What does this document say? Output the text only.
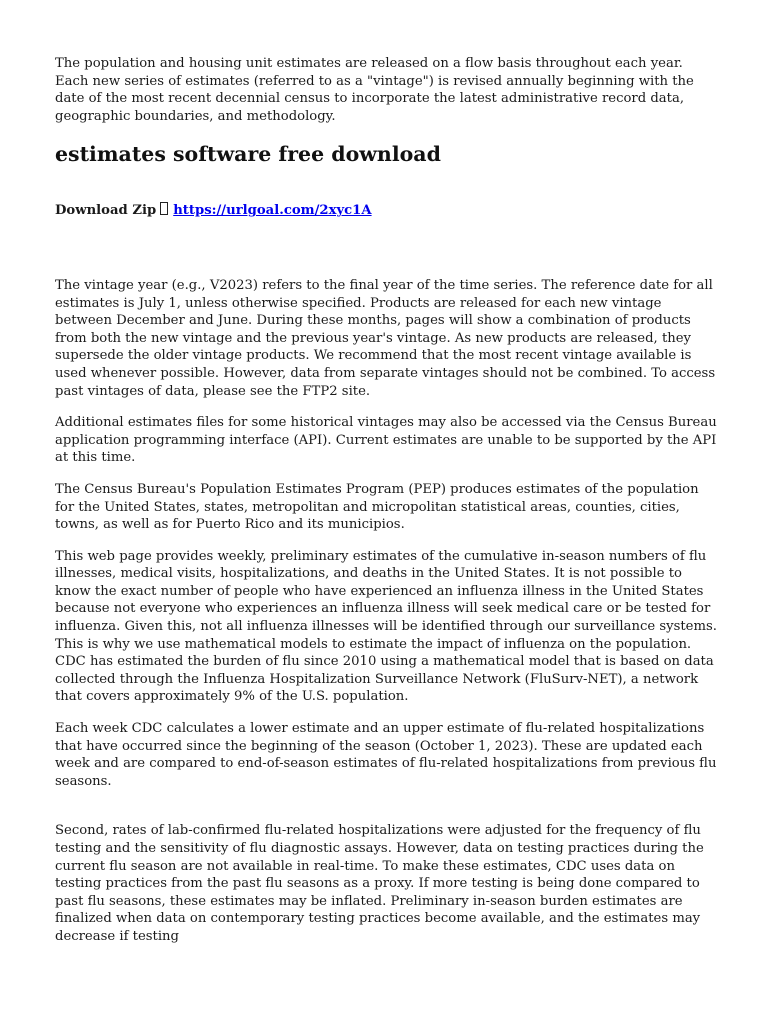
The population and housing unit estimates are released on a flow basis throughout each year. Each new series of estimates (referred to as a "vintage") is revised annually beginning with the date of the most recent decennial census to incorporate the latest administrative record data, geographic boundaries, and methodology.

estimates software free download

Download Zip https://urlgoal.com/2xyc1A

The vintage year (e.g., V2023) refers to the final year of the time series. The reference date for all estimates is July 1, unless otherwise specified. Products are released for each new vintage between December and June. During these months, pages will show a combination of products from both the new vintage and the previous year's vintage. As new products are released, they supersede the older vintage products. We recommend that the most recent vintage available is used whenever possible. However, data from separate vintages should not be combined. To access past vintages of data, please see the FTP2 site.

Additional estimates files for some historical vintages may also be accessed via the Census Bureau application programming interface (API). Current estimates are unable to be supported by the API at this time.

The Census Bureau's Population Estimates Program (PEP) produces estimates of the population for the United States, states, metropolitan and micropolitan statistical areas, counties, cities, towns, as well as for Puerto Rico and its municipios.

This web page provides weekly, preliminary estimates of the cumulative in-season numbers of flu illnesses, medical visits, hospitalizations, and deaths in the United States. It is not possible to know the exact number of people who have experienced an influenza illness in the United States because not everyone who experiences an influenza illness will seek medical care or be tested for influenza. Given this, not all influenza illnesses will be identified through our surveillance systems. This is why we use mathematical models to estimate the impact of influenza on the population. CDC has estimated the burden of flu since 2010 using a mathematical model that is based on data collected through the Influenza Hospitalization Surveillance Network (FluSurv-NET), a network that covers approximately 9% of the U.S. population.

Each week CDC calculates a lower estimate and an upper estimate of flu-related hospitalizations that have occurred since the beginning of the season (October 1, 2023). These are updated each week and are compared to end-of-season estimates of flu-related hospitalizations from previous flu seasons.

Second, rates of lab-confirmed flu-related hospitalizations were adjusted for the frequency of flu testing and the sensitivity of flu diagnostic assays. However, data on testing practices during the current flu season are not available in real-time. To make these estimates, CDC uses data on testing practices from the past flu seasons as a proxy. If more testing is being done compared to past flu seasons, these estimates may be inflated. Preliminary in-season burden estimates are finalized when data on contemporary testing practices become available, and the estimates may decrease if testing
